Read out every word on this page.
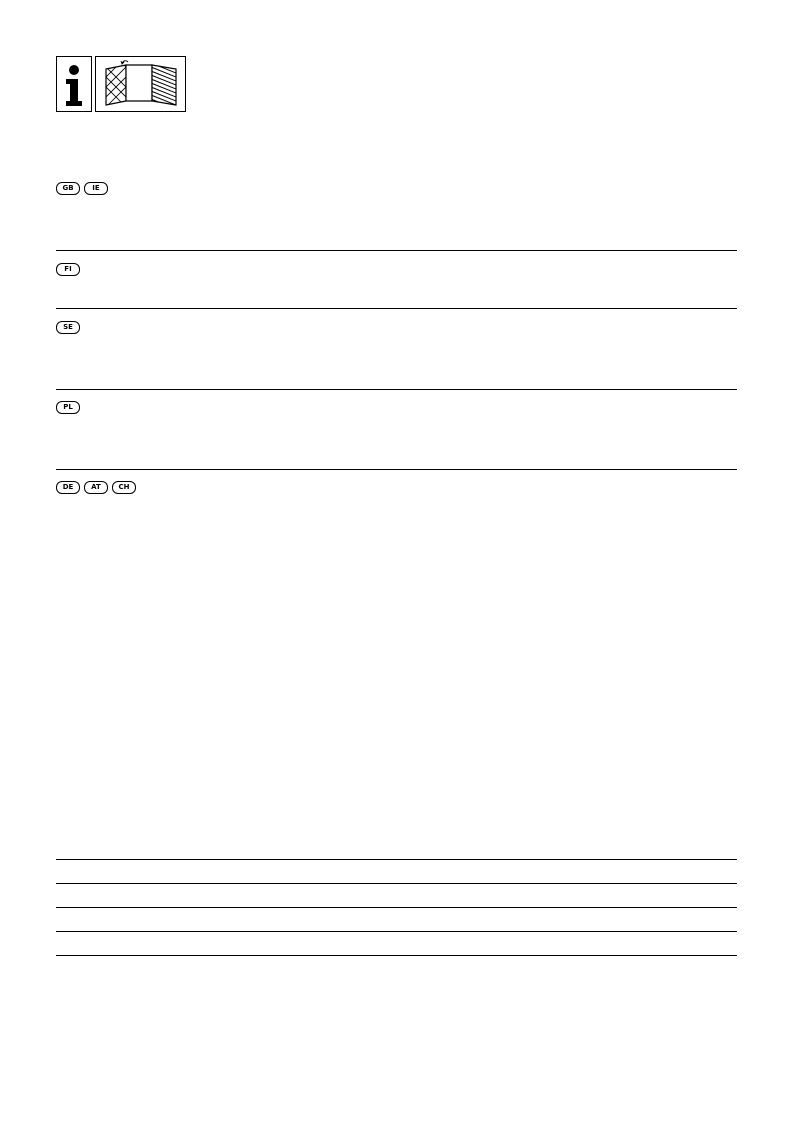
GB	IE
FI
SE
PL
DE	AT	CH
